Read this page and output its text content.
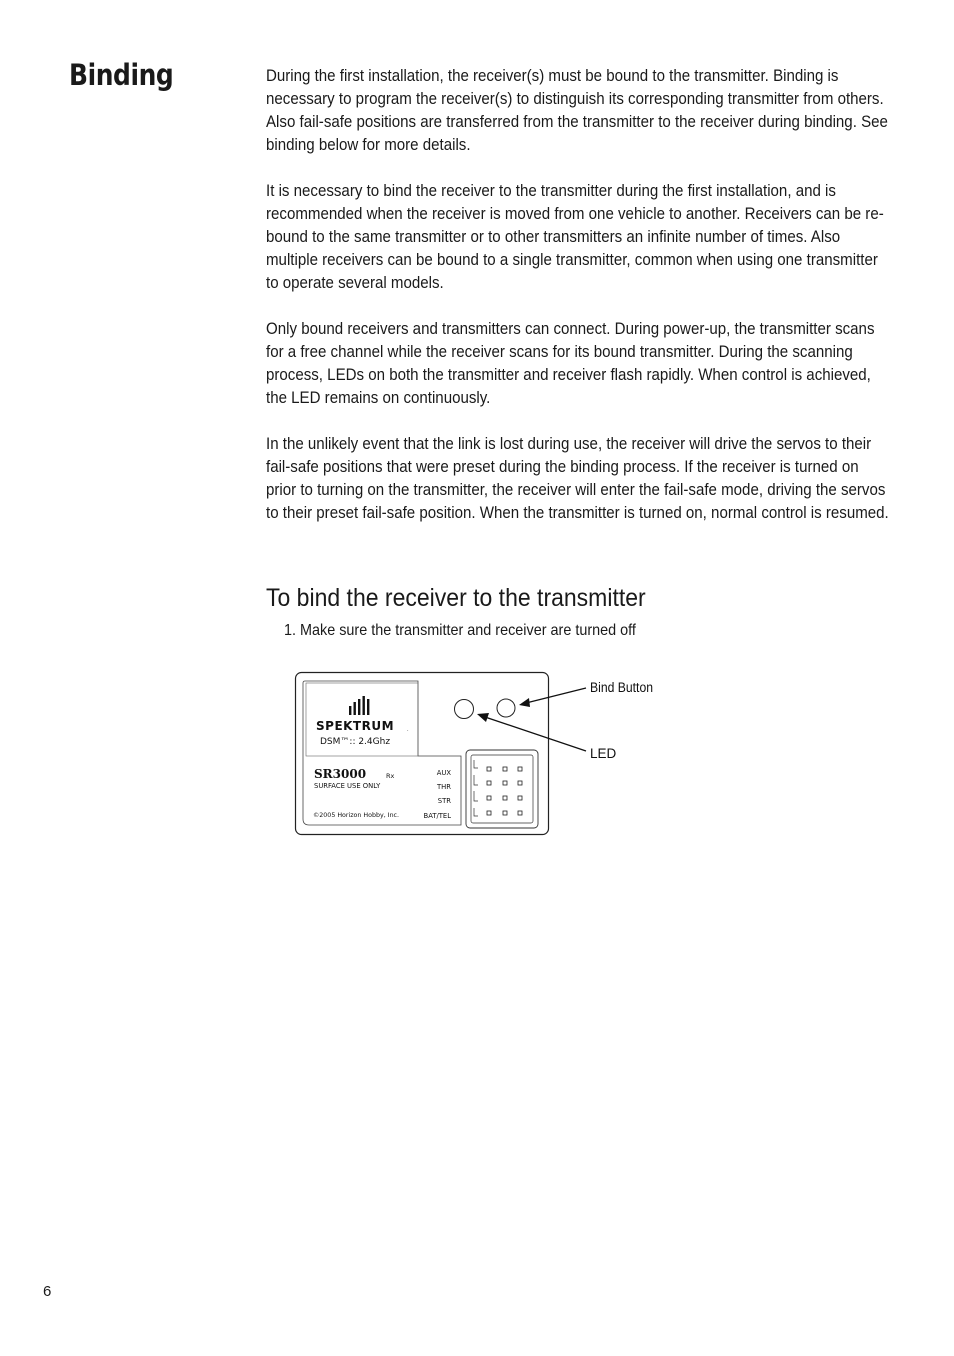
Binding	During the first installation, the receiver(s) must be bound to the transmitter. Binding is necessary to program the receiver(s) to distinguish its corresponding transmitter from others. Also fail-safe positions are transferred from the transmitter to the receiver during binding. See binding below for more details.

It is necessary to bind the receiver to the transmitter during the first installation, and is recommended when the receiver is moved from one vehicle to another. Receivers can be re-bound to the same transmitter or to other transmitters an infinite number of times. Also multiple receivers can be bound to a single transmitter, common when using one transmitter to operate several models.

Only bound receivers and transmitters can connect. During power-up, the transmitter scans for a free channel while the receiver scans for its bound transmitter. During the scanning process, LEDs on both the transmitter and receiver flash rapidly. When control is achieved, the LED remains on continuously.

In the unlikely event that the link is lost during use, the receiver will drive the servos to their fail-safe positions that were preset during the binding process. If the receiver is turned on prior to turning on the transmitter, the receiver will enter the fail-safe mode, driving the servos to their preset fail-safe position. When the transmitter is turned on, normal control is resumed.

To bind the receiver to the transmitter

1. Make sure the transmitter and receiver are turned off

SPEKTRUM	.
DSM™:: 2.4Ghz
SR3000	Rx
SURFACE USE ONLY
©2005 Horizon Hobby, Inc.
AUX
THR
STR
BAT/TEL
Bind Button
LED

6
